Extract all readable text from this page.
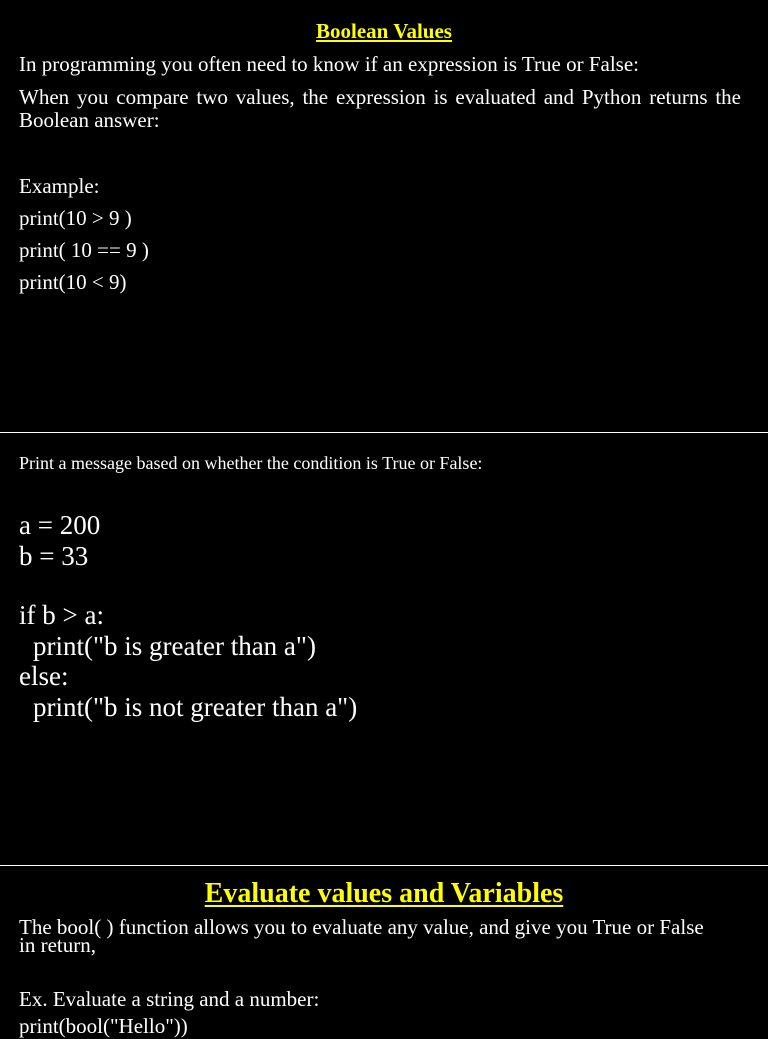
Boolean Values

In programming you often need to know if an expression is True or False:

When you compare two values, the expression is evaluated and Python returns the Boolean answer:

Example:

print(10 > 9 )

print( 10 == 9 )

print(10 < 9)

Print a message based on whether the condition is True or False:

a = 200

b = 33

if b > a:

print("b is greater than a")

else:

print("b is not greater than a")

Evaluate values and Variables

The bool( ) function allows you to evaluate any value, and give you True or False in return,

Ex. Evaluate a string and a number:

print(bool("Hello"))
